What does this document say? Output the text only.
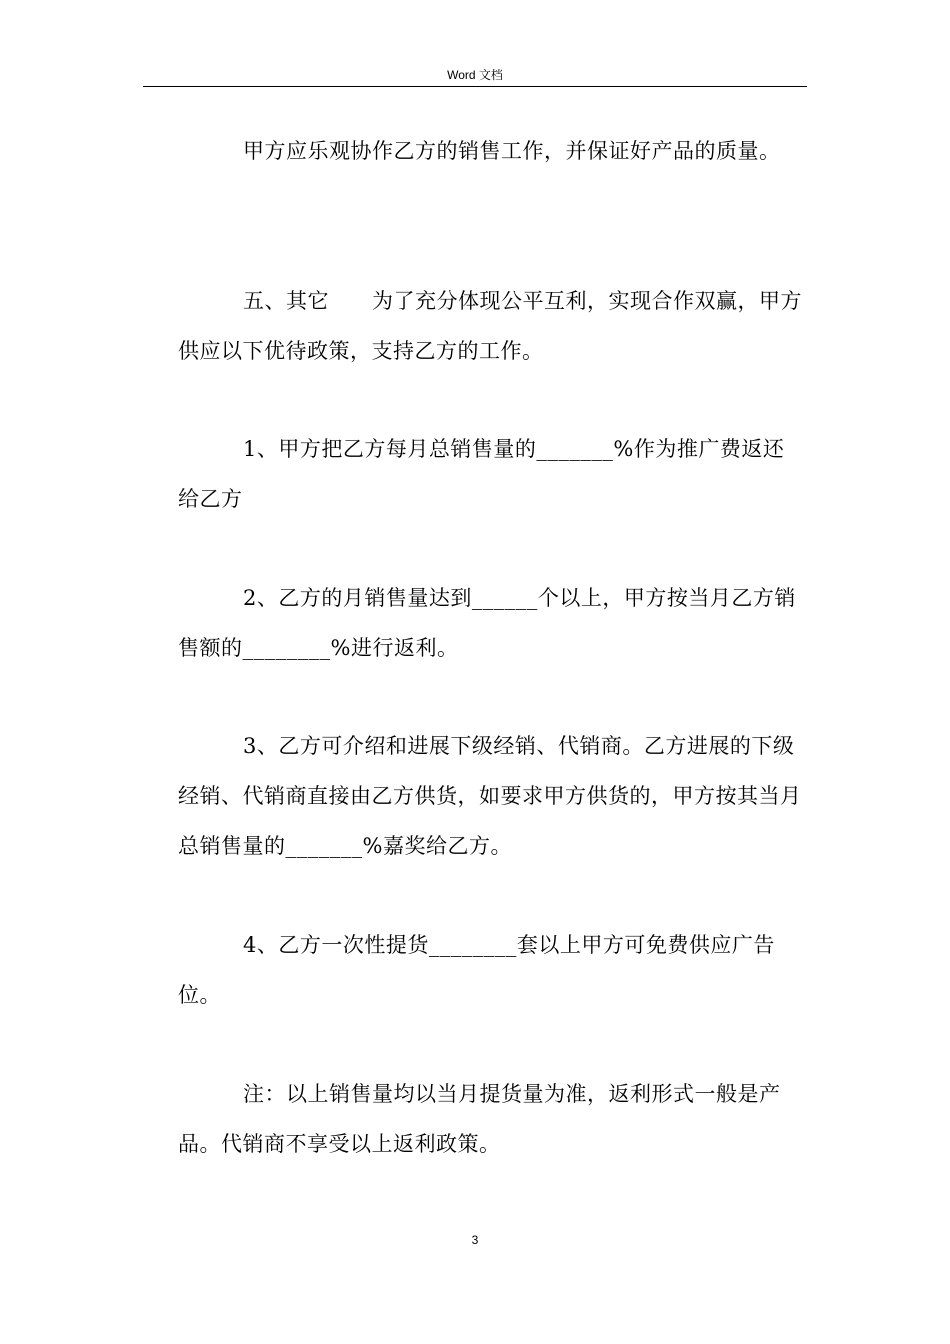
Word 文档

甲方应乐观协作乙方的销售工作，并保证好产品的质量。

五、其它　　为了充分体现公平互利，实现合作双赢，甲方供应以下优待政策，支持乙方的工作。

1、甲方把乙方每月总销售量的_______%作为推广费返还给乙方

2、乙方的月销售量达到______个以上，甲方按当月乙方销售额的________%进行返利。

3、乙方可介绍和进展下级经销、代销商。乙方进展的下级经销、代销商直接由乙方供货，如要求甲方供货的，甲方按其当月总销售量的_______%嘉奖给乙方。

4、乙方一次性提货________套以上甲方可免费供应广告位。

注：以上销售量均以当月提货量为准，返利形式一般是产品。代销商不享受以上返利政策。

3
